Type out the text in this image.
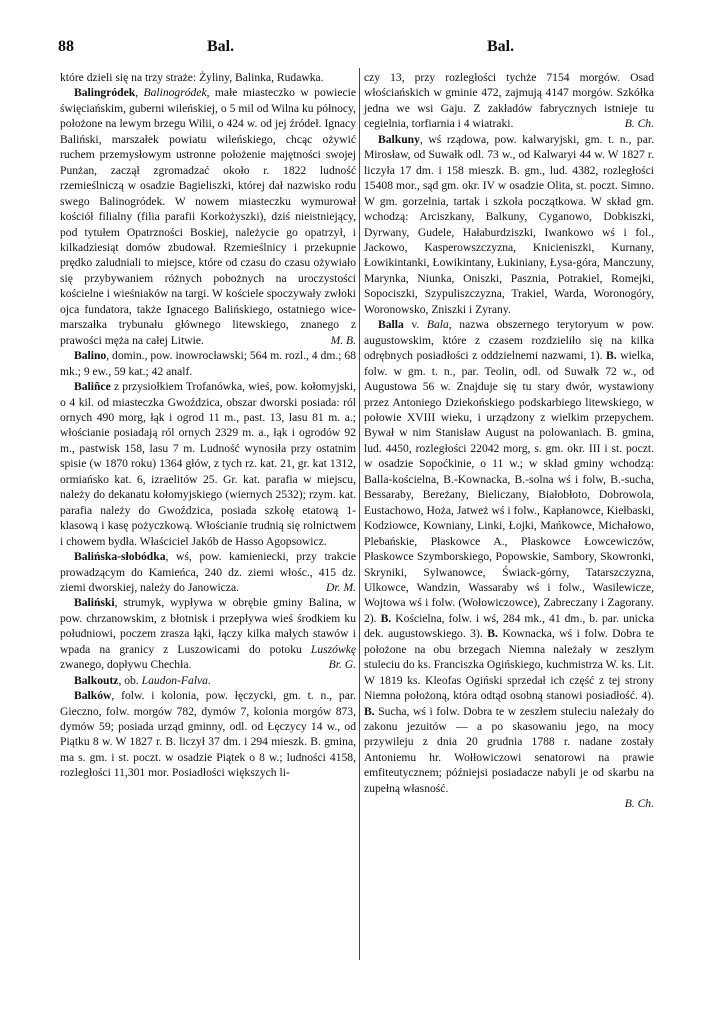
88	Bal.	Bal.

które dzieli się na trzy straże: Żyliny, Balinka, Rudawka.

Balingródek, Balinogródek, małe miasteczko w powiecie święciańskim, guberni wileńskiej, o 5 mil od Wilna ku północy, położone na lewym brzegu Wilii, o 424 w. od jej źródeł. Ignacy Baliński, marszałek powiatu wileńskiego, chcąc ożywić ruchem przemysłowym ustronne położenie majętności swojej Punżan, zaczął zgromadzać około r. 1822 ludność rzemieślniczą w osadzie Bagieliszki, której dał nazwisko rodu swego Balinogródek. W nowem miasteczku wymurował kościół filialny (filia parafii Korkożyszki), dziś nieistniejący, pod tytułem Opatrzności Boskiej, należycie go opatrzył, i kilkadziesiąt domów zbudował. Rzemieślnicy i przekupnie prędko zaludniali to miejsce, które od czasu do czasu ożywiało się przybywaniem różnych pobożnych na uroczystości kościelne i wieśniaków na targi. W kościele spoczywały zwłoki ojca fundatora, także Ignacego Balińskiego, ostatniego wice-marszałka trybunału głównego litewskiego, znanego z prawości męża na całej Litwie.	M. B.

Balino, domin., pow. inowrocławski; 564 m. rozl., 4 dm.; 68 mk.; 9 ew., 59 kat.; 42 analf.

Baliñce z przysiołkiem Trofanówka, wieś, pow. kołomyjski, o 4 kil. od miasteczka Gwoździca, obszar dworski posiada: ról ornych 490 morg, łąk i ogrod 11 m., past. 13, lasu 81 m. a.; włościanie posiadają ról ornych 2329 m. a., łąk i ogrodów 92 m., pastwisk 158, lasu 7 m. Ludność wynosiła przy ostatnim spisie (w 1870 roku) 1364 głów, z tych rz. kat. 21, gr. kat 1312, ormiańsko kat. 6, izraelitów 25. Gr. kat. parafia w miejscu, należy do dekanatu kołomyjskiego (wiernych 2532); rzym. kat. parafia należy do Gwoździca, posiada szkołę etatową 1-klasową i kasę pożyczkową. Włościanie trudnią się rolnictwem i chowem bydła. Właściciel Jakób de Hasso Agopsowicz.

Balińska-słobódka, wś, pow. kamieniecki, przy trakcie prowadzącym do Kamieńca, 240 dz. ziemi włośc., 415 dz. ziemi dworskiej, należy do Janowicza.	Dr. M.

Baliński, strumyk, wypływa w obrębie gminy Balina, w pow. chrzanowskim, z błotnisk i przepływa wieś środkiem ku południowi, poczem zrasza łąki, łączy kilka małych stawów i wpada na granicy z Luszowicami do potoku Luszówkę zwanego, dopływu Chechła.	Br. G.

Balkoutz, ob. Laudon-Falva.

Balków, folw. i kolonia, pow. łęczycki, gm. t. n., par. Gieczno, folw. morgów 782, dymów 7, kolonia morgów 873, dymów 59; posiada urząd gminny, odl. od Łęczycy 14 w., od Piątku 8 w. W 1827 r. B. liczył 37 dm. i 294 mieszk. B. gmina, ma s. gm. i st. poczt. w osadzie Piątek o 8 w.; ludności 4158, rozległości 11,301 mor. Posiadłości większych li-

czy 13, przy rozległości tychże 7154 morgów. Osad włościańskich w gminie 472, zajmują 4147 morgów. Szkółka jedna we wsi Gaju. Z zakładów fabrycznych istnieje tu cegielnia, torfiarnia i 4 wiatraki.	B. Ch.

Balkuny, wś rządowa, pow. kalwaryjski, gm. t. n., par. Mirosław, od Suwałk odl. 73 w., od Kalwaryi 44 w. W 1827 r. liczyła 17 dm. i 158 mieszk. B. gm., lud. 4382, rozległości 15408 mor., sąd gm. okr. IV w osadzie Olita, st. poczt. Simno. W gm. gorzelnia, tartak i szkoła początkowa. W skład gm. wchodzą: Arciszkany, Balkuny, Cyganowo, Dobkiszki, Dyrwany, Gudele, Hałaburdziszki, Iwankowo wś i fol., Jackowo, Kasperowszczyzna, Knicieniszki, Kurnany, Łowikintanki, Łowikintany, Łukiniany, Łysa-góra, Manczuny, Marynka, Niunka, Oniszki, Pasznia, Potrakiel, Romejki, Sopociszki, Szypuliszczyzna, Trakiel, Warda, Woronogóry, Woronowsko, Zniszki i Zyrany.

Balla v. Bala, nazwa obszernego terytoryum w pow. augustowskim, które z czasem rozdzieliło się na kilka odrębnych posiadłości z oddzielnemi nazwami, 1). B. wielka, folw. w gm. t. n., par. Teolin, odl. od Suwałk 72 w., od Augustowa 56 w. Znajduje się tu stary dwór, wystawiony przez Antoniego Dziekońskiego podskarbiego litewskiego, w połowie XVIII wieku, i urządzony z wielkim przepychem. Bywał w nim Stanisław August na polowaniach. B. gmina, lud. 4450, rozległości 22042 morg, s. gm. okr. III i st. poczt. w osadzie Sopoćkinie, o 11 w.; w skład gminy wchodzą: Balla-kościelna, B.-Kownacka, B.-solna wś i folw, B.-sucha, Bessaraby, Bereżany, Bieliczany, Białobłoto, Dobrowola, Eustachowo, Hoża, Jatweż wś i folw., Kapłanowce, Kiełbaski, Kodziowce, Kowniany, Linki, Łojki, Mańkowce, Michałowo, Plebańskie, Płaskowce A., Płaskowce Łowcewiczów, Płaskowce Szymborskiego, Popowskie, Sambory, Skowronki, Skryniki, Sylwanowce, Świack-górny, Tatarszczyzna, Ulkowce, Wandzin, Wassaraby wś i folw., Wasilewicze, Wojtowa wś i folw. (Wołowiczowce), Zabreczany i Zagorany. 2). B. Kościelna, folw. i wś, 284 mk., 41 dm., b. par. unicka dek. augustowskiego. 3). B. Kownacka, wś i folw. Dobra te położone na obu brzegach Niemna należały w zeszłym stuleciu do ks. Franciszka Ogińskiego, kuchmistrza W. ks. Lit. W 1819 ks. Kleofas Ogiński sprzedał ich część z tej strony Niemna położoną, która odtąd osobną stanowi posiadłość. 4). B. Sucha, wś i folw. Dobra te w zeszłem stuleciu należały do zakonu jezuitów — a po skasowaniu jego, na mocy przywileju z dnia 20 grudnia 1788 r. nadane zostały Antoniemu hr. Wołłowiczowi senatorowi na prawie emfiteutycznem; późniejsi posiadacze nabyli je od skarbu na zupełną własność.
B. Ch.
